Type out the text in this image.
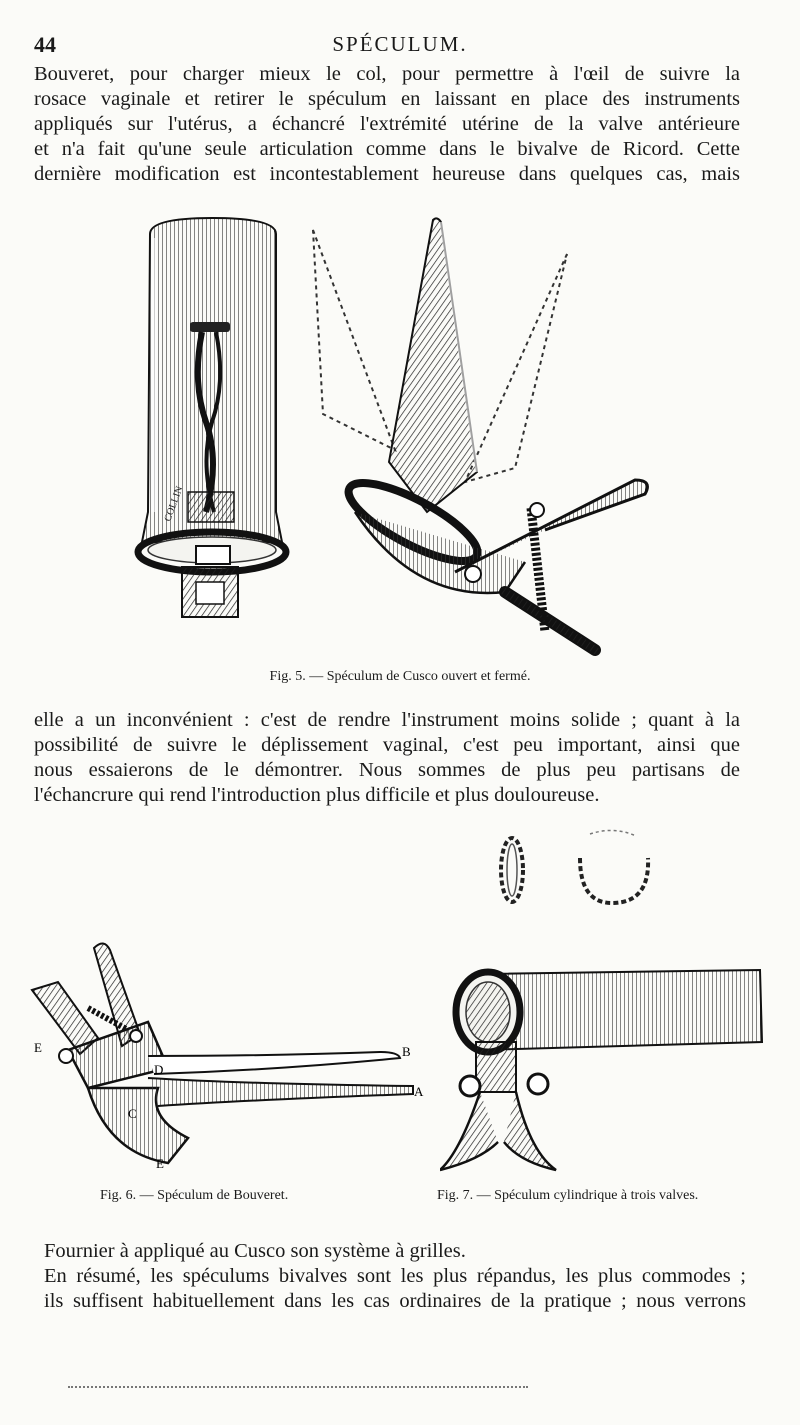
44	SPÉCULUM.
Bouveret, pour charger mieux le col, pour permettre à l'œil de suivre la
rosace vaginale et retirer le spéculum en laissant en place des instruments
appliqués sur l'utérus, a échancré l'extrémité utérine de la valve antérieure
et n'a fait qu'une seule articulation comme dans le bivalve de Ricord. Cette
dernière modification est incontestablement heureuse dans quelques cas, mais
COLLIN
Fig. 5. — Spéculum de Cusco ouvert et fermé.
elle a un inconvénient : c'est de rendre l'instrument moins solide ; quant à la
possibilité de suivre le déplissement vaginal, c'est peu important, ainsi que
nous essaierons de le démontrer. Nous sommes de plus peu partisans de
l'échancrure qui rend l'introduction plus difficile et plus douloureuse.
A
B
C
D
E
E
Fig. 6. — Spéculum de Bouveret.	Fig. 7. — Spéculum cylindrique à trois valves.
Fournier à appliqué au Cusco son système à grilles.
En résumé, les spéculums bivalves sont les plus répandus, les plus commodes ;
ils suffisent habituellement dans les cas ordinaires de la pratique ; nous verrons
